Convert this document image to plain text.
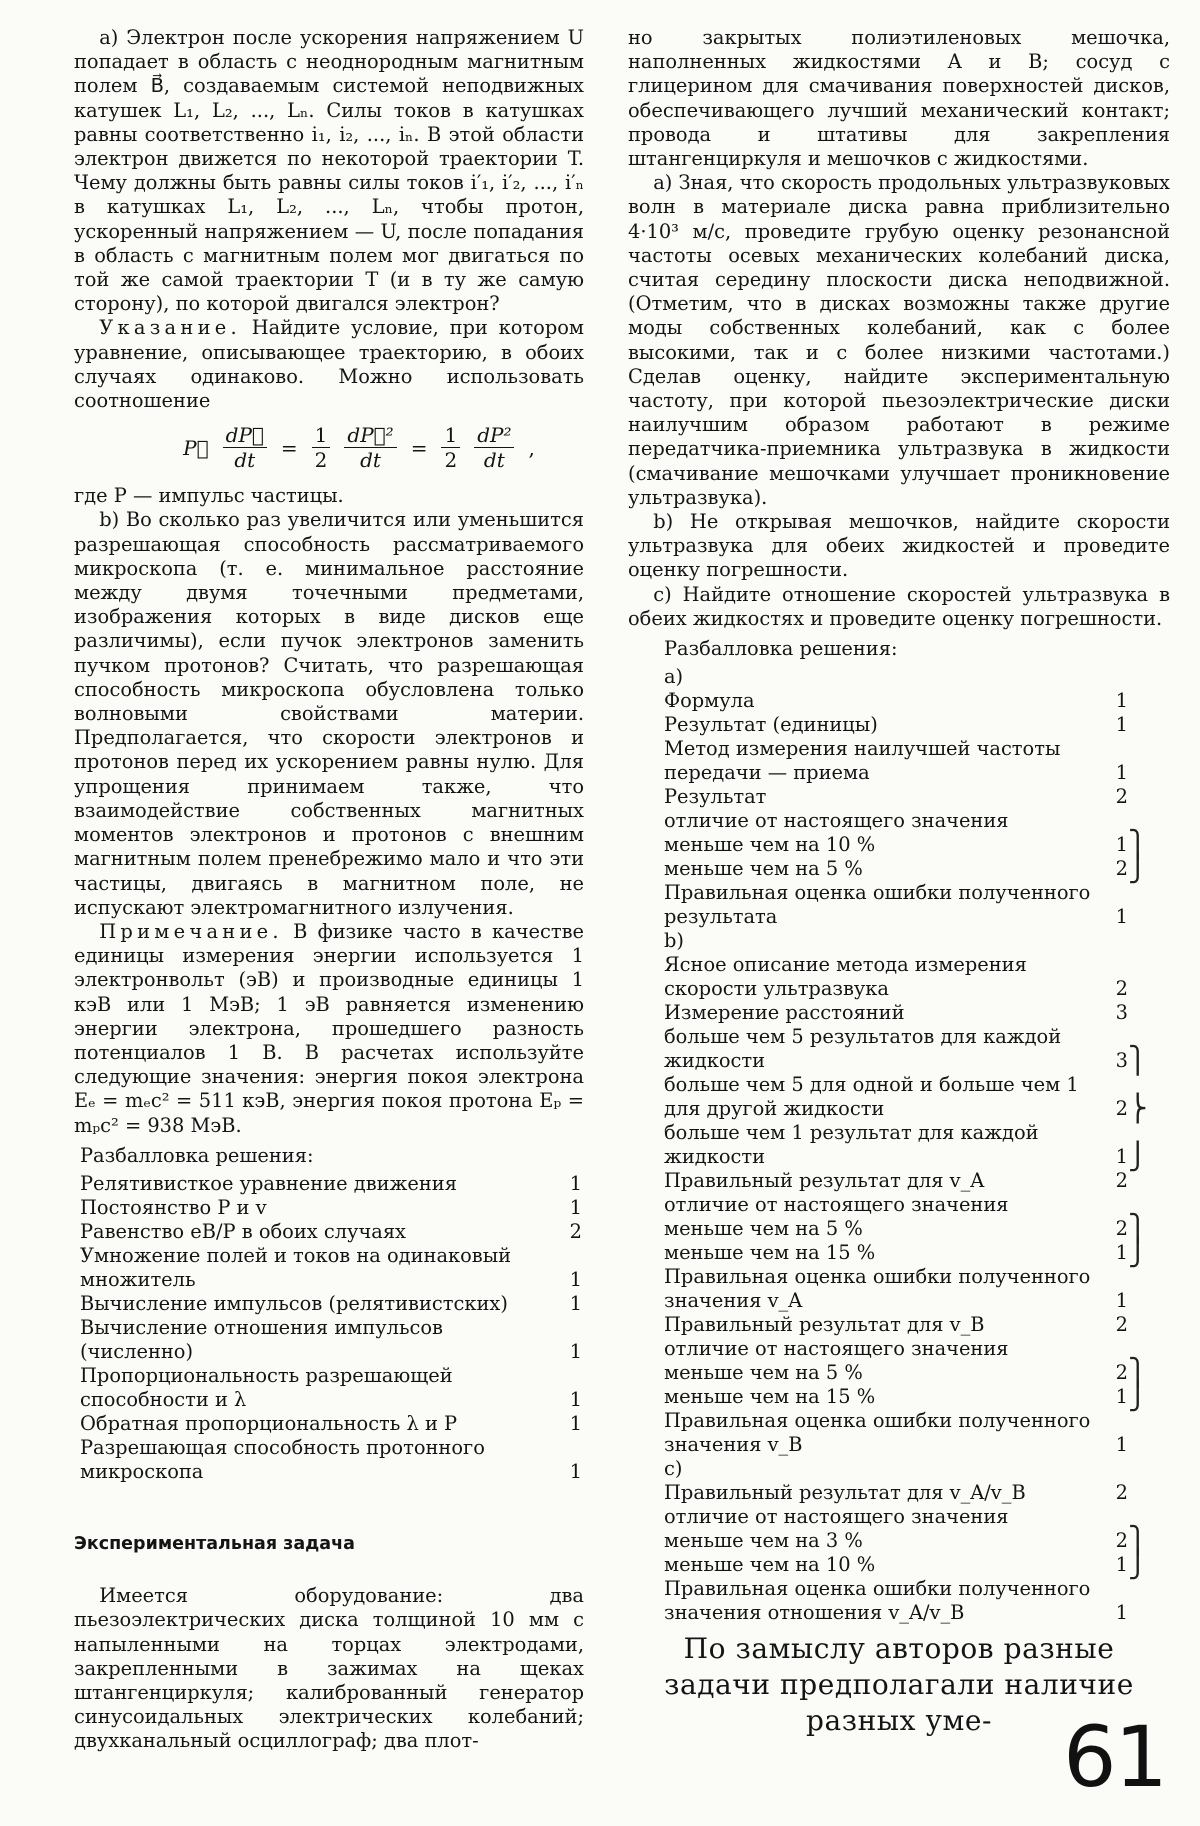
а) Электрон после ускорения напряжением U попадает в область с неоднородным магнитным полем B⃗, создаваемым системой неподвижных катушек L₁, L₂, ..., Lₙ. Силы токов в катушках равны соответственно i₁, i₂, ..., iₙ. В этой области электрон движется по некоторой траектории T. Чему должны быть равны силы токов i′₁, i′₂, ..., i′ₙ в катушках L₁, L₂, ..., Lₙ, чтобы протон, ускоренный напряжением — U, после попадания в область с магнитным полем мог двигаться по той же самой траектории T (и в ту же самую сторону), по которой двигался электрон?

Указание. Найдите условие, при котором уравнение, описывающее траекторию, в обоих случаях одинаково. Можно использовать соотношение

P⃗ $\frac{dP⃗}{dt} = \frac{1}{2} \frac{\text{dP⃗²}}{dt} = \frac{1}{2} \frac{\text{dP²}}{dt}$ ,

где P — импульс частицы.

b) Во сколько раз увеличится или уменьшится разрешающая способность рассматриваемого микроскопа (т. е. минимальное расстояние между двумя точечными предметами, изображения которых в виде дисков еще различимы), если пучок электронов заменить пучком протонов? Считать, что разрешающая способность микроскопа обусловлена только волновыми свойствами материи. Предполагается, что скорости электронов и протонов перед их ускорением равны нулю. Для упрощения принимаем также, что взаимодействие собственных магнитных моментов электронов и протонов с внешним магнитным полем пренебрежимо мало и что эти частицы, двигаясь в магнитном поле, не испускают электромагнитного излучения.

Примечание. В физике часто в качестве единицы измерения энергии используется 1 электронвольт (эВ) и производные единицы 1 кэВ или 1 МэВ; 1 эВ равняется изменению энергии электрона, прошедшего разность потенциалов 1 В. В расчетах используйте следующие значения: энергия покоя электрона Eₑ = mₑc² = 511 кэВ, энергия покоя протона Eₚ = mₚc² = 938 МэВ.

Разбалловка решения:

Релятивисткое уравнение движения	1
Постоянство P и v	1
Равенство eB/P в обоих случаях	2
Умножение полей и токов на одинаковый множитель	1
Вычисление импульсов (релятивистских)	1
Вычисление отношения импульсов (численно)	1
Пропорциональность разрешающей способности и λ	1
Обратная пропорциональность λ и P	1
Разрешающая способность протонного микроскопа	1
Экспериментальная задача

Имеется оборудование: два пьезоэлектрических диска толщиной 10 мм с напыленными на торцах электродами, закрепленными в зажимах на щеках штангенциркуля; калиброванный генератор синусоидальных электрических колебаний; двухканальный осциллограф; два плот-

но закрытых полиэтиленовых мешочка, наполненных жидкостями A и B; сосуд с глицерином для смачивания поверхностей дисков, обеспечивающего лучший механический контакт; провода и штативы для закрепления штангенциркуля и мешочков с жидкостями.

а) Зная, что скорость продольных ультразвуковых волн в материале диска равна приблизительно 4·10³ м/с, проведите грубую оценку резонансной частоты осевых механических колебаний диска, считая середину плоскости диска неподвижной. (Отметим, что в дисках возможны также другие моды собственных колебаний, как с более высокими, так и с более низкими частотами.) Сделав оценку, найдите экспериментальную частоту, при которой пьезоэлектрические диски наилучшим образом работают в режиме передатчика-приемника ультразвука в жидкости (смачивание мешочками улучшает проникновение ультразвука).

b) Не открывая мешочков, найдите скорости ультразвука для обеих жидкостей и проведите оценку погрешности.

c) Найдите отношение скоростей ультразвука в обеих жидкостях и проведите оценку погрешности.

Разбалловка решения:

a)		
Формула	1	
Результат (единицы)	1	
Метод измерения наилучшей частоты передачи — приема	1	
Результат	2	
отличие от настоящего значения меньше чем на 10 %	1	⎫
меньше чем на 5 %	2	⎭
Правильная оценка ошибки полученного результата	1	
b)		
Ясное описание метода измерения скорости ультразвука	2	
Измерение расстояний	3	
больше чем 5 результатов для каждой жидкости	3	⎫
больше чем 5 для одной и больше чем 1 для другой жидкости	2	⎬
больше чем 1 результат для каждой жидкости	1	⎭
Правильный результат для v_A	2	
отличие от настоящего значения меньше чем на 5 %	2	⎫
меньше чем на 15 %	1	⎭
Правильная оценка ошибки полученного значения v_A	1	
Правильный результат для v_B	2	
отличие от настоящего значения меньше чем на 5 %	2	⎫
меньше чем на 15 %	1	⎭
Правильная оценка ошибки полученного значения v_B	1	
c)		
Правильный результат для v_A/v_B	2	
отличие от настоящего значения меньше чем на 3 %	2	⎫
меньше чем на 10 %	1	⎭
Правильная оценка ошибки полученного значения отношения v_A/v_B	1	
По замыслу авторов разные задачи предполагали наличие разных уме- 61
